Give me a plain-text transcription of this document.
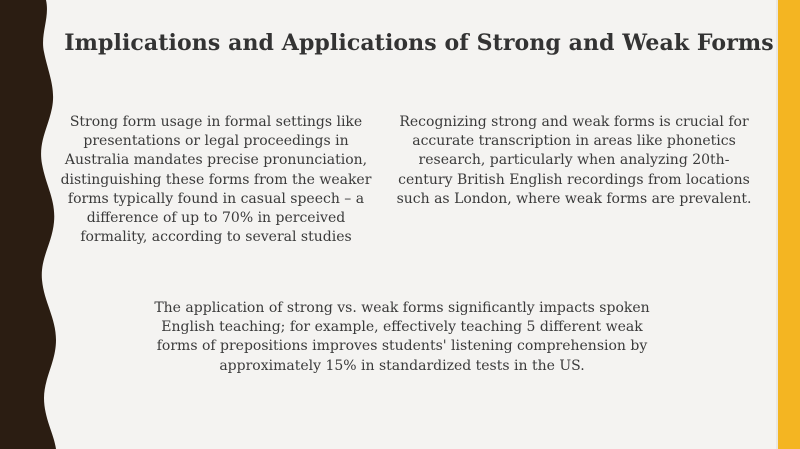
Implications and Applications of Strong and Weak Forms
Strong form usage in formal settings like presentations or legal proceedings in Australia mandates precise pronunciation, distinguishing these forms from the weaker forms typically found in casual speech – a difference of up to 70% in perceived formality, according to several studies
Recognizing strong and weak forms is crucial for accurate transcription in areas like phonetics research, particularly when analyzing 20th-century British English recordings from locations such as London, where weak forms are prevalent.
The application of strong vs. weak forms significantly impacts spoken English teaching; for example, effectively teaching 5 different weak forms of prepositions improves students' listening comprehension by approximately 15% in standardized tests in the US.
